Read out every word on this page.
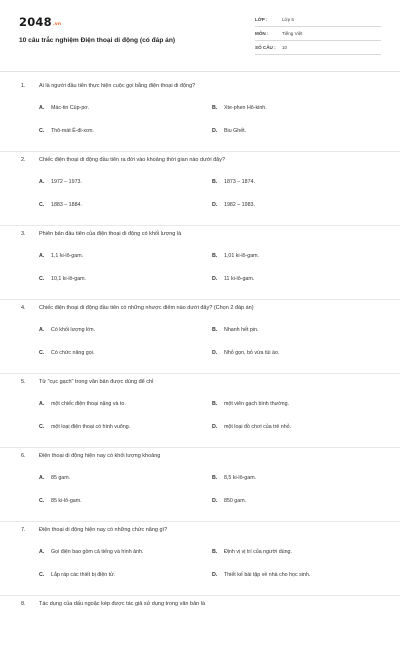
$2048^{.vn}$
10 câu trắc nghiệm Điện thoại di động (có đáp án)
LỚP :	Lớp 5
MÔN :	Tiếng Việt
SỐ CÂU : 10
1. Ai là người đầu tiên thực hiện cuộc gọi bằng điện thoại di động?
A. Mác-tin Cúp-pơ.	B. Xte-phen Hô-kinh.
C. Thô-mát Ê-đi-xơn.	D. Biu Ghết.
2. Chiếc điện thoại di động đầu tiên ra đời vào khoảng thời gian nào dưới đây?
A. 1972 – 1973.	B. 1873 – 1874.
C. 1883 – 1884.	D. 1982 – 1983.
3. Phiên bản đầu tiên của điện thoại di động có khối lượng là
A. 1,1 ki-lô-gam.	B. 1,01 ki-lô-gam.
C. 10,1 ki-lô-gam.	D. 11 ki-lô-gam.
4. Chiếc điện thoại di động đầu tiên có những nhược điểm nào dưới đây? (Chọn 2 đáp án)
A. Có khối lượng lớn.	B. Nhanh hết pin.
C. Có chức năng gọi.	D. Nhỏ gọn, bỏ vừa túi áo.
5. Từ "cục gạch" trong văn bản được dùng để chỉ
A. một chiếc điện thoại nặng và to.	B. một viên gạch bình thường.
C. một loại điện thoại có hình vuông.	D. một loại đồ chơi của trẻ nhỏ.
6. Điện thoại di động hiện nay có khối lượng khoảng
A. 85 gam.	B. 8,5 ki-lô-gam.
C. 85 ki-lô-gam.	D. 850 gam.
7. Điện thoại di động hiện nay có những chức năng gì?
A. Gọi điện bao gồm cả tiếng và hình ảnh.	B. Định vị vị trí của người dùng.
C. Lắp ráp các thiết bị điện tử.	D. Thiết kế bài tập về nhà cho học sinh.
8. Tác dụng của dấu ngoặc kép được tác giả sử dụng trong văn bản là
